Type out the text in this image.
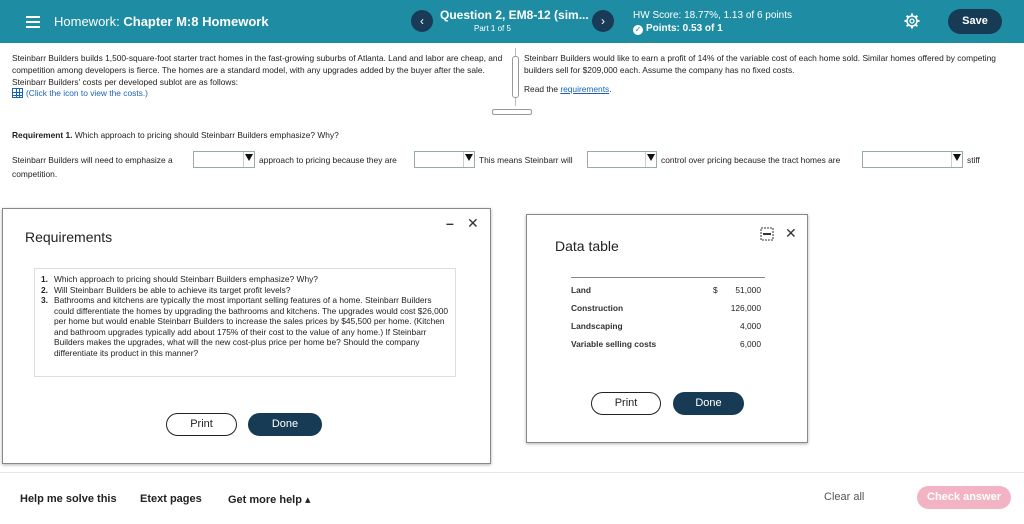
Homework: Chapter M:8 Homework	‹	Question 2, EM8-12 (sim...
Part 1 of 5
›	HW Score: 18.77%, 1.13 of 6 points
✓ Points: 0.53 of 1
Save
Steinbarr Builders builds 1,500-square-foot starter tract homes in the fast-growing suburbs of Atlanta. Land and labor are cheap, and competition among developers is fierce. The homes are a standard model, with any upgrades added by the buyer after the sale. Steinbarr Builders' costs per developed sublot are as follows:
(Click the icon to view the costs.)
Steinbarr Builders would like to earn a profit of 14% of the variable cost of each home sold. Similar homes offered by competing builders sell for $209,000 each. Assume the company has no fixed costs.
Read the requirements.
Requirement 1. Which approach to pricing should Steinbarr Builders emphasize? Why?
Steinbarr Builders will need to emphasize a	approach to pricing because they are	This means Steinbarr will	control over pricing because the tract homes are	stiff
competition.
Requirements
– ✕
1. Which approach to pricing should Steinbarr Builders emphasize? Why?
2. Will Steinbarr Builders be able to achieve its target profit levels?
3. Bathrooms and kitchens are typically the most important selling features of a home. Steinbarr Builders could differentiate the homes by upgrading the bathrooms and kitchens. The upgrades would cost $26,000 per home but would enable Steinbarr Builders to increase the sales prices by $45,500 per home. (Kitchen and bathroom upgrades typically add about 175% of their cost to the value of any home.) If Steinbarr Builders makes the upgrades, what will the new cost-plus price per home be? Should the company differentiate its product in this manner?
Print	Done
Data table
✕
Land	$ 51,000
Construction	126,000
Landscaping	4,000
Variable selling costs	6,000
Print	Done
Help me solve this Etext pages Get more help ▴	Clear all	Check answer
